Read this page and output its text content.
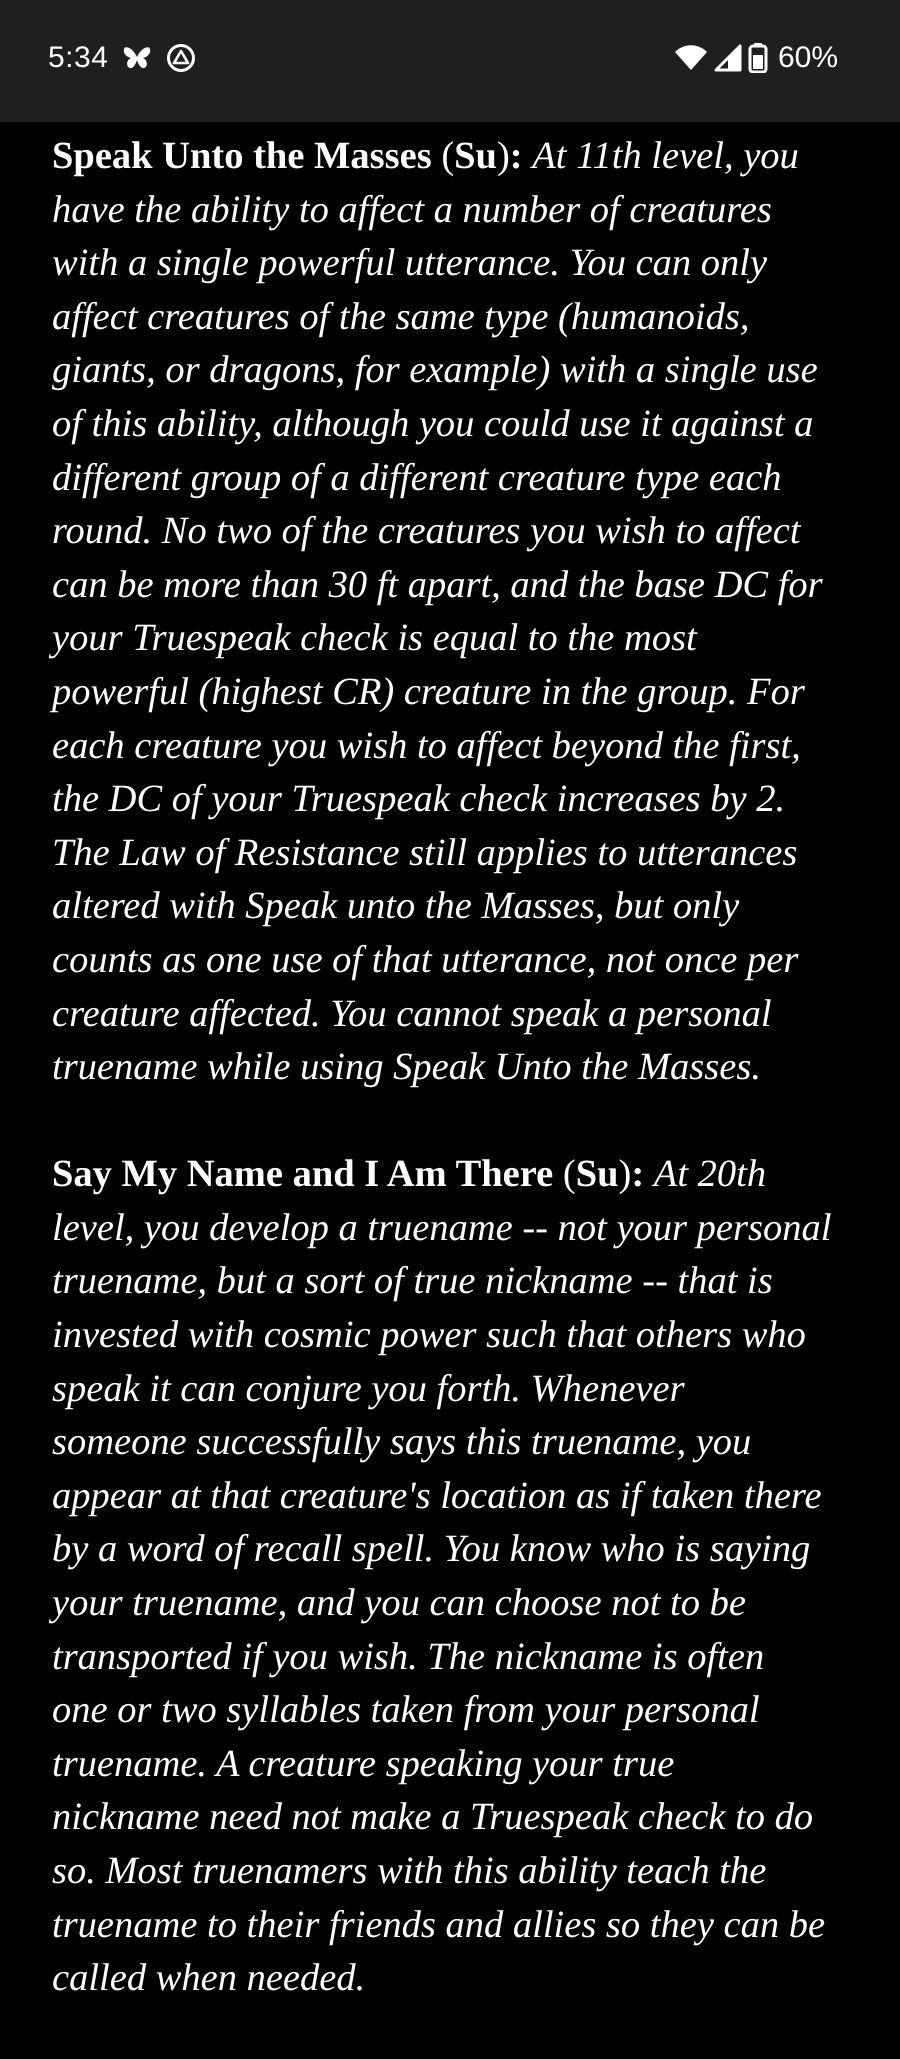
5:34	60%

Speak Unto the Masses (Su): At 11th level, you
have the ability to affect a number of creatures
with a single powerful utterance. You can only
affect creatures of the same type (humanoids,
giants, or dragons, for example) with a single use
of this ability, although you could use it against a
different group of a different creature type each
round. No two of the creatures you wish to affect
can be more than 30 ft apart, and the base DC for
your Truespeak check is equal to the most
powerful (highest CR) creature in the group. For
each creature you wish to affect beyond the first,
the DC of your Truespeak check increases by 2.
The Law of Resistance still applies to utterances
altered with Speak unto the Masses, but only
counts as one use of that utterance, not once per
creature affected. You cannot speak a personal
truename while using Speak Unto the Masses.

Say My Name and I Am There (Su): At 20th
level, you develop a truename -- not your personal
truename, but a sort of true nickname -- that is
invested with cosmic power such that others who
speak it can conjure you forth. Whenever
someone successfully says this truename, you
appear at that creature's location as if taken there
by a word of recall spell. You know who is saying
your truename, and you can choose not to be
transported if you wish. The nickname is often
one or two syllables taken from your personal
truename. A creature speaking your true
nickname need not make a Truespeak check to do
so. Most truenamers with this ability teach the
truename to their friends and allies so they can be
called when needed.
